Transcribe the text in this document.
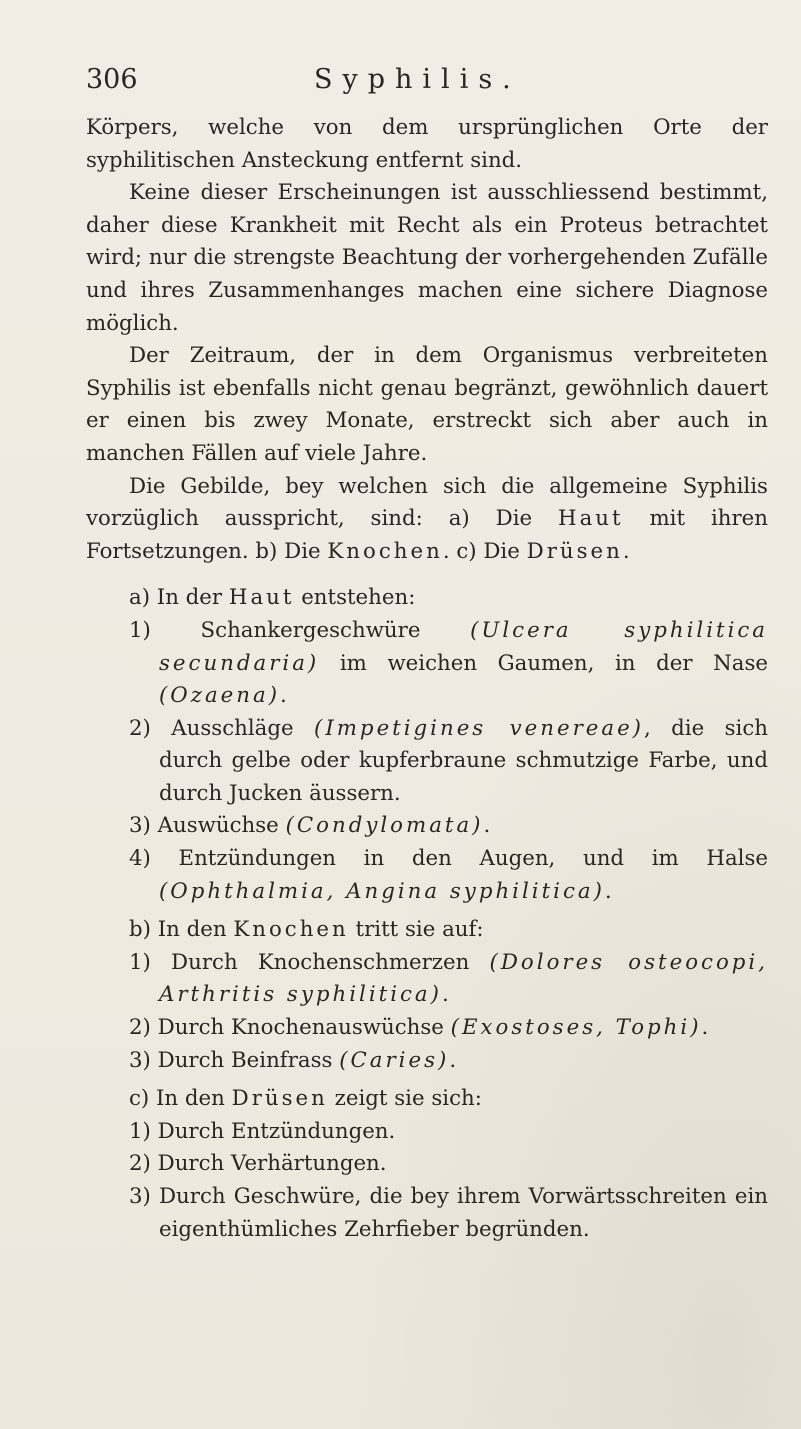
306	Syphilis.

Körpers, welche von dem ursprünglichen Orte der syphilitischen Ansteckung entfernt sind.

Keine dieser Erscheinungen ist ausschliessend bestimmt, daher diese Krankheit mit Recht als ein Proteus betrachtet wird; nur die strengste Beachtung der vorhergehenden Zufälle und ihres Zusammenhanges machen eine sichere Diagnose möglich.

Der Zeitraum, der in dem Organismus verbreiteten Syphilis ist ebenfalls nicht genau begränzt, gewöhnlich dauert er einen bis zwey Monate, erstreckt sich aber auch in manchen Fällen auf viele Jahre.

Die Gebilde, bey welchen sich die allgemeine Syphilis vorzüglich ausspricht, sind: a) Die Haut mit ihren Fortsetzungen. b) Die Knochen. c) Die Drüsen.

a) In der Haut entstehen:

1) Schankergeschwüre (Ulcera syphilitica secundaria) im weichen Gaumen, in der Nase (Ozaena).

2) Ausschläge (Impetigines venereae), die sich durch gelbe oder kupferbraune schmutzige Farbe, und durch Jucken äussern.

3) Auswüchse (Condylomata).

4) Entzündungen in den Augen, und im Halse (Ophthalmia, Angina syphilitica).

b) In den Knochen tritt sie auf:

1) Durch Knochenschmerzen (Dolores osteocopi, Arthritis syphilitica).

2) Durch Knochenauswüchse (Exostoses, Tophi).

3) Durch Beinfrass (Caries).

c) In den Drüsen zeigt sie sich:

1) Durch Entzündungen.

2) Durch Verhärtungen.

3) Durch Geschwüre, die bey ihrem Vorwärtsschreiten ein eigenthümliches Zehrfieber begründen.
